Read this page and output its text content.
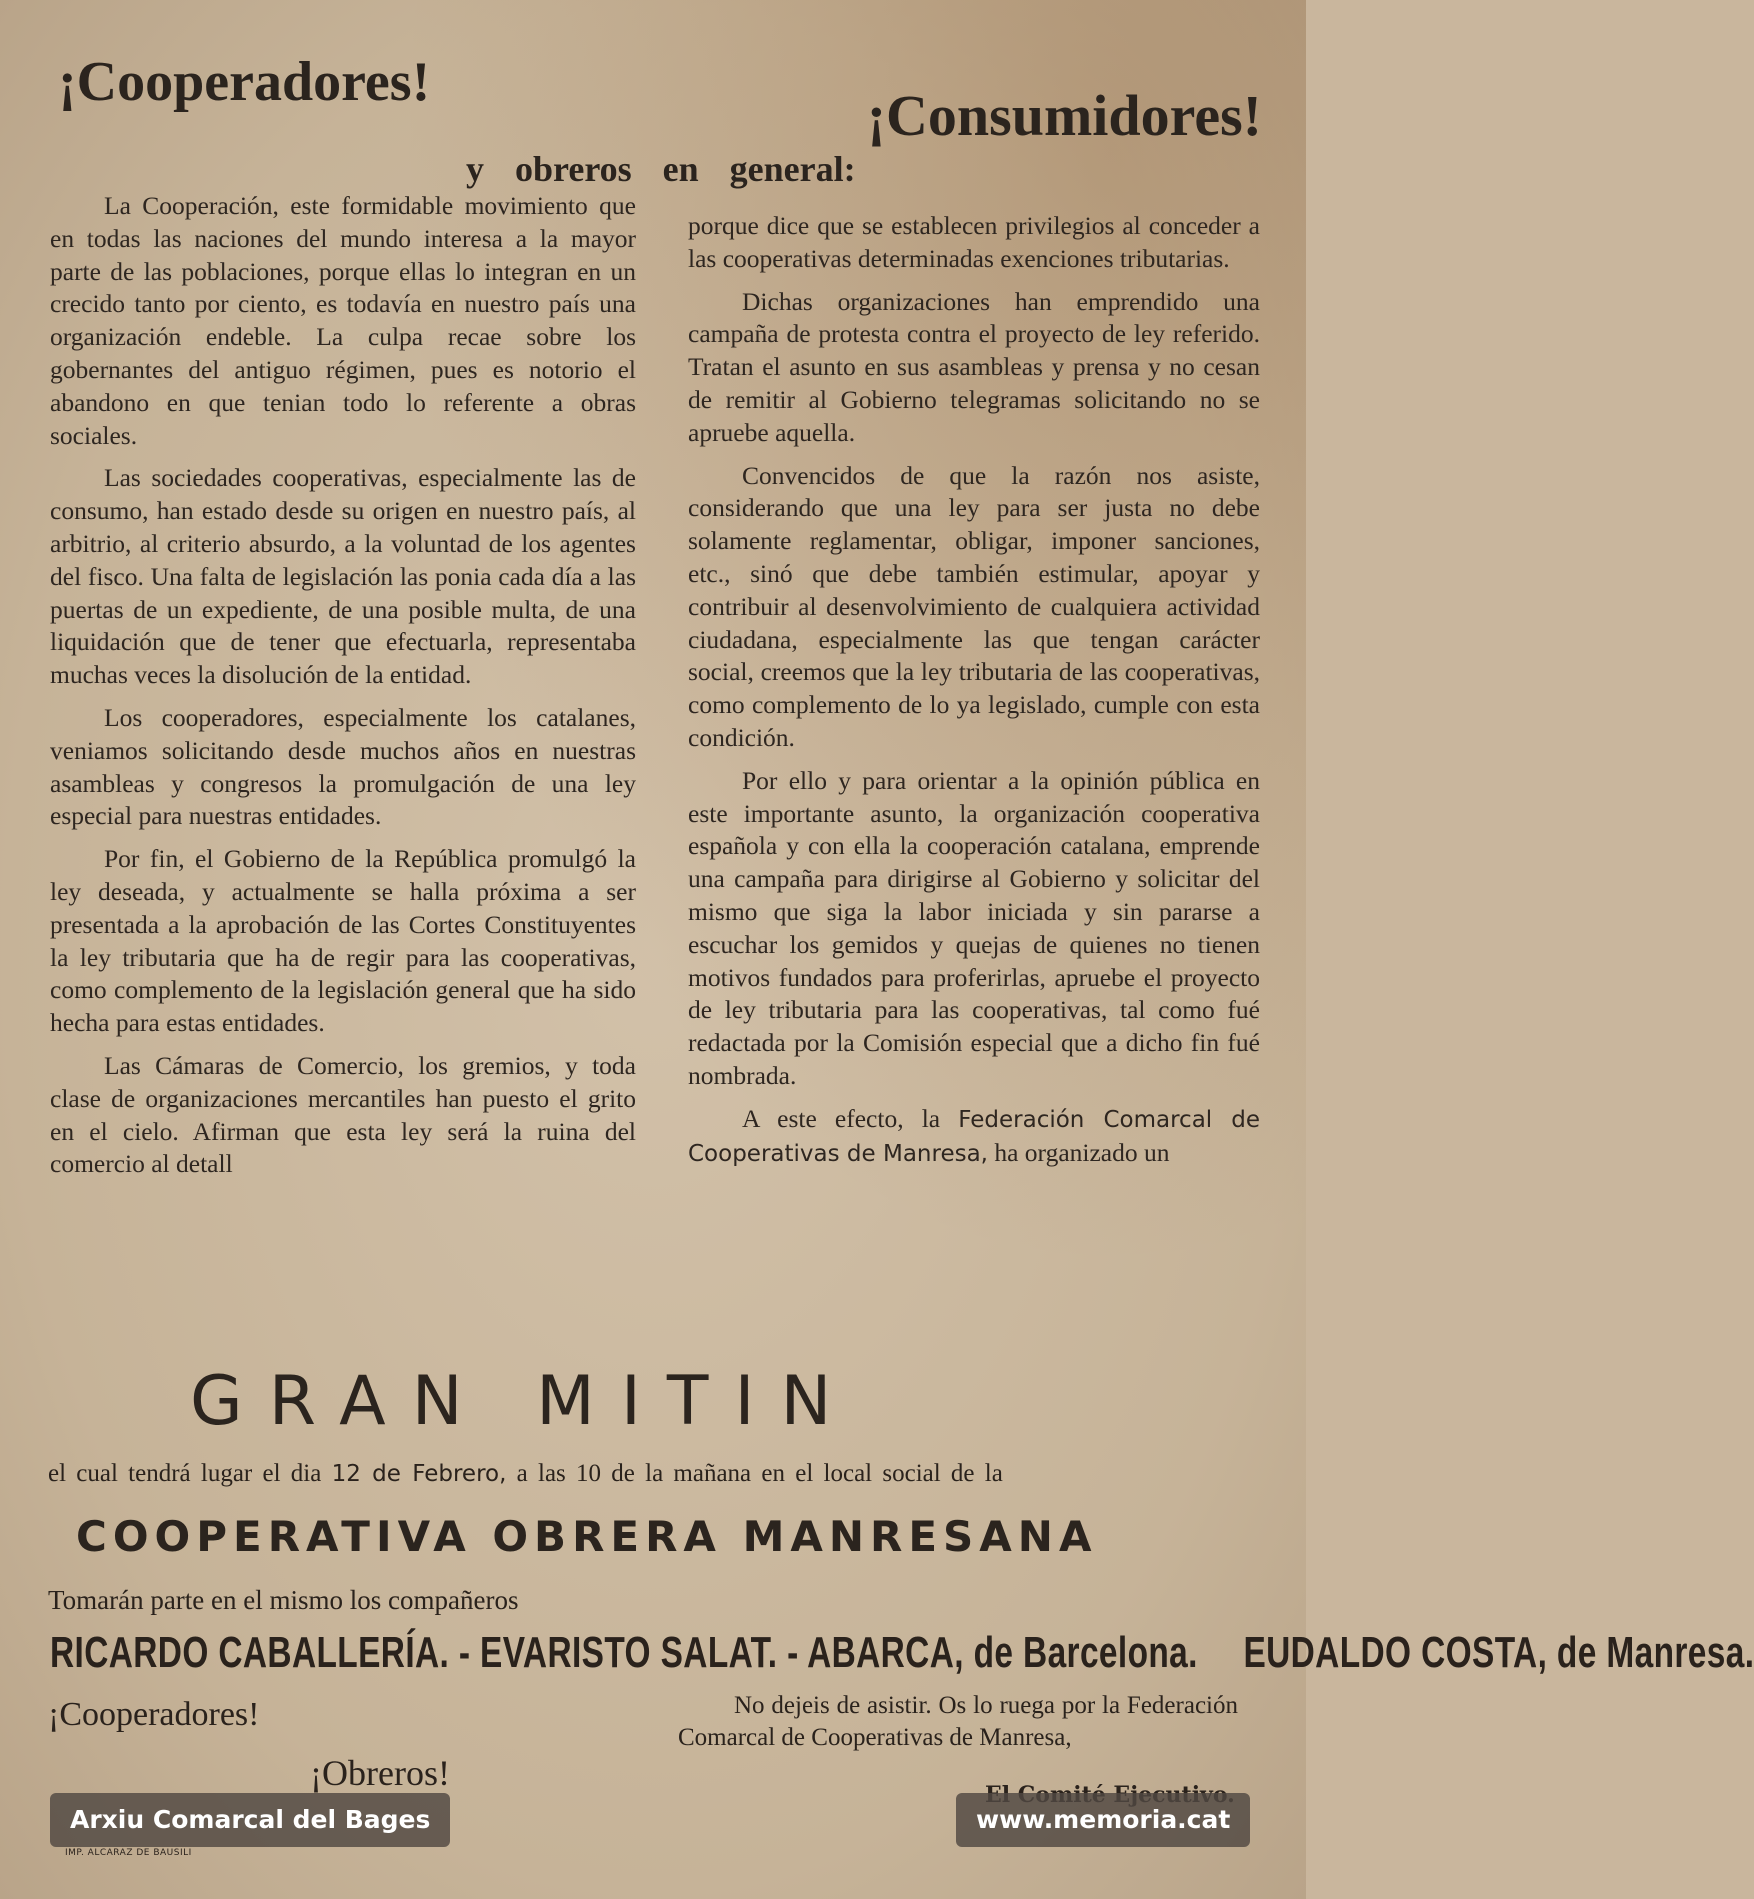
¡Cooperadores!
¡Consumidores!
y obreros en general:

La Cooperación, este formidable movimiento que en todas las naciones del mundo interesa a la mayor parte de las poblaciones, porque ellas lo integran en un crecido tanto por ciento, es todavía en nuestro país una organización endeble. La culpa recae sobre los gobernantes del antiguo régimen, pues es notorio el abandono en que tenian todo lo referente a obras sociales.

Las sociedades cooperativas, especialmente las de consumo, han estado desde su origen en nuestro país, al arbitrio, al criterio absurdo, a la voluntad de los agentes del fisco. Una falta de legislación las ponia cada día a las puertas de un expediente, de una posible multa, de una liquidación que de tener que efectuarla, representaba muchas veces la disolución de la entidad.

Los cooperadores, especialmente los catalanes, veniamos solicitando desde muchos años en nuestras asambleas y congresos la promulgación de una ley especial para nuestras entidades.

Por fin, el Gobierno de la República promulgó la ley deseada, y actualmente se halla próxima a ser presentada a la aprobación de las Cortes Constituyentes la ley tributaria que ha de regir para las cooperativas, como complemento de la legislación general que ha sido hecha para estas entidades.

Las Cámaras de Comercio, los gremios, y toda clase de organizaciones mercantiles han puesto el grito en el cielo. Afirman que esta ley será la ruina del comercio al detall

porque dice que se establecen privilegios al conceder a las cooperativas determinadas exenciones tributarias.

Dichas organizaciones han emprendido una campaña de protesta contra el proyecto de ley referido. Tratan el asunto en sus asambleas y prensa y no cesan de remitir al Gobierno telegramas solicitando no se apruebe aquella.

Convencidos de que la razón nos asiste, considerando que una ley para ser justa no debe solamente reglamentar, obligar, imponer sanciones, etc., sinó que debe también estimular, apoyar y contribuir al desenvolvimiento de cualquiera actividad ciudadana, especialmente las que tengan carácter social, creemos que la ley tributaria de las cooperativas, como complemento de lo ya legislado, cumple con esta condición.

Por ello y para orientar a la opinión pública en este importante asunto, la organización cooperativa española y con ella la cooperación catalana, emprende una campaña para dirigirse al Gobierno y solicitar del mismo que siga la labor iniciada y sin pararse a escuchar los gemidos y quejas de quienes no tienen motivos fundados para proferirlas, apruebe el proyecto de ley tributaria para las cooperativas, tal como fué redactada por la Comisión especial que a dicho fin fué nombrada.

A este efecto, la Federación Comarcal de Cooperativas de Manresa, ha organizado un

GRAN MITIN
el cual tendrá lugar el dia 12 de Febrero, a las 10 de la mañana en el local social de la
COOPERATIVA OBRERA MANRESANA
Tomarán parte en el mismo los compañeros
RICARDO CABALLERÍA. - EVARISTO SALAT. - ABARCA, de Barcelona. EUDALDO COSTA, de Manresa.
¡Cooperadores!
¡Obreros!

No dejeis de asistir. Os lo ruega por la Federación Comarcal de Cooperativas de Manresa,

IMP. ALCARAZ DE BAUSILI
Arxiu Comarcal del Bages	www.memoria.cat
